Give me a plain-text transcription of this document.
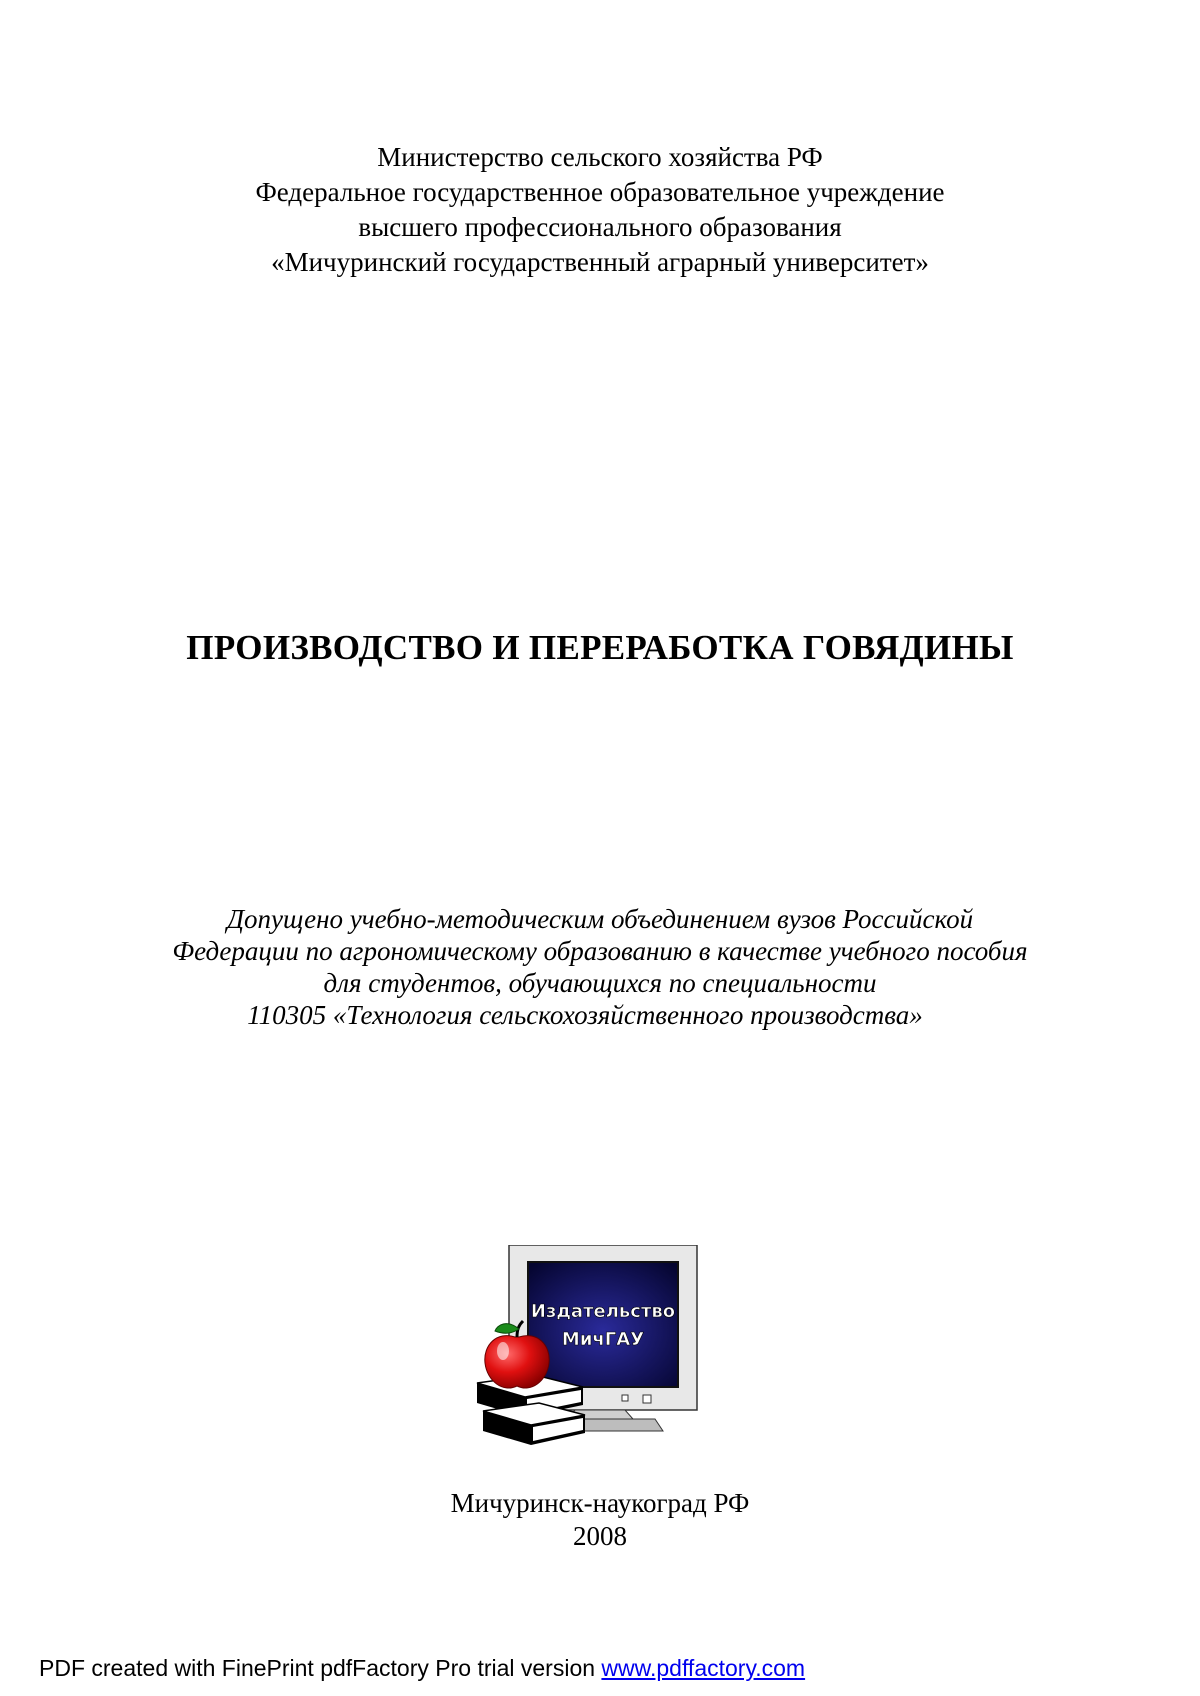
Министерство сельского хозяйства РФ
Федеральное государственное образовательное учреждение
высшего профессионального образования
«Мичуринский государственный аграрный университет»
ПРОИЗВОДСТВО И ПЕРЕРАБОТКА ГОВЯДИНЫ
Допущено учебно-методическим объединением вузов Российской
Федерации по агрономическому образованию в качестве учебного пособия
для студентов, обучающихся по специальности
110305 «Технология сельскохозяйственного производства»
Издательство
МичГАУ
Мичуринск-наукоград РФ
2008
PDF created with FinePrint pdfFactory Pro trial version www.pdffactory.com
